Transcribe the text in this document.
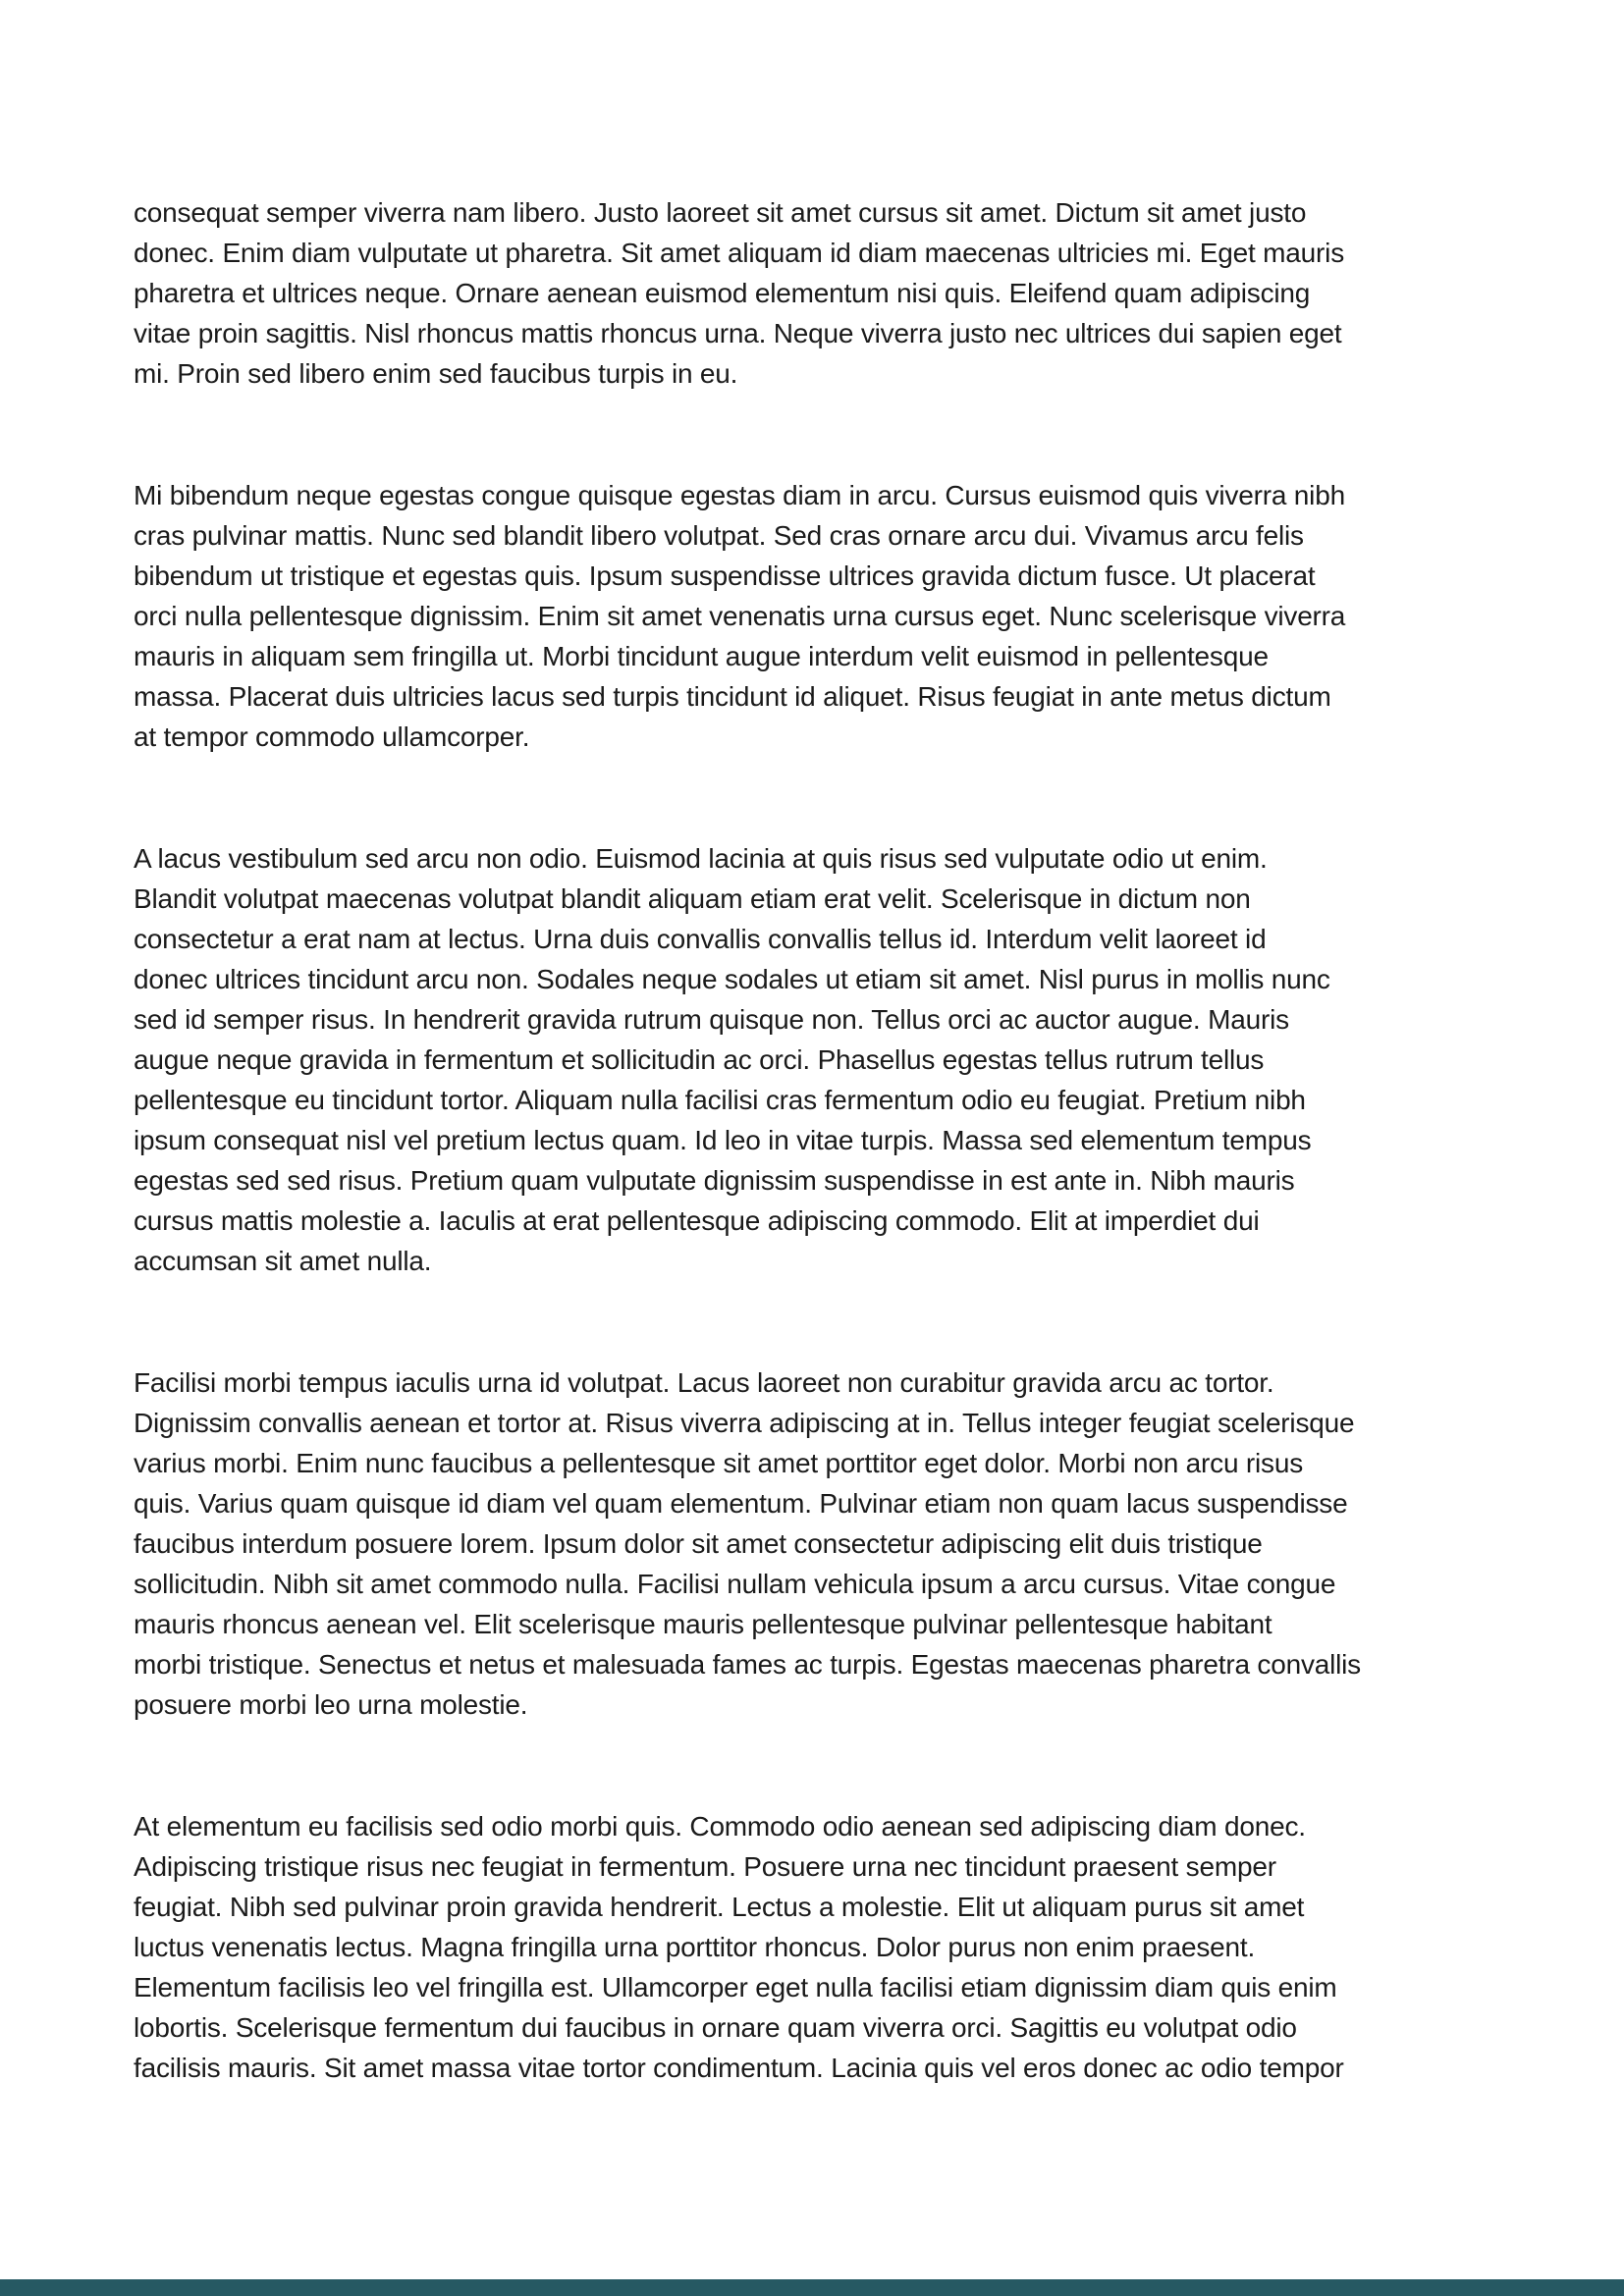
consequat semper viverra nam libero. Justo laoreet sit amet cursus sit amet. Dictum sit amet justo
donec. Enim diam vulputate ut pharetra. Sit amet aliquam id diam maecenas ultricies mi. Eget mauris
pharetra et ultrices neque. Ornare aenean euismod elementum nisi quis. Eleifend quam adipiscing
vitae proin sagittis. Nisl rhoncus mattis rhoncus urna. Neque viverra justo nec ultrices dui sapien eget
mi. Proin sed libero enim sed faucibus turpis in eu.
Mi bibendum neque egestas congue quisque egestas diam in arcu. Cursus euismod quis viverra nibh
cras pulvinar mattis. Nunc sed blandit libero volutpat. Sed cras ornare arcu dui. Vivamus arcu felis
bibendum ut tristique et egestas quis. Ipsum suspendisse ultrices gravida dictum fusce. Ut placerat
orci nulla pellentesque dignissim. Enim sit amet venenatis urna cursus eget. Nunc scelerisque viverra
mauris in aliquam sem fringilla ut. Morbi tincidunt augue interdum velit euismod in pellentesque
massa. Placerat duis ultricies lacus sed turpis tincidunt id aliquet. Risus feugiat in ante metus dictum
at tempor commodo ullamcorper.
A lacus vestibulum sed arcu non odio. Euismod lacinia at quis risus sed vulputate odio ut enim.
Blandit volutpat maecenas volutpat blandit aliquam etiam erat velit. Scelerisque in dictum non
consectetur a erat nam at lectus. Urna duis convallis convallis tellus id. Interdum velit laoreet id
donec ultrices tincidunt arcu non. Sodales neque sodales ut etiam sit amet. Nisl purus in mollis nunc
sed id semper risus. In hendrerit gravida rutrum quisque non. Tellus orci ac auctor augue. Mauris
augue neque gravida in fermentum et sollicitudin ac orci. Phasellus egestas tellus rutrum tellus
pellentesque eu tincidunt tortor. Aliquam nulla facilisi cras fermentum odio eu feugiat. Pretium nibh
ipsum consequat nisl vel pretium lectus quam. Id leo in vitae turpis. Massa sed elementum tempus
egestas sed sed risus. Pretium quam vulputate dignissim suspendisse in est ante in. Nibh mauris
cursus mattis molestie a. Iaculis at erat pellentesque adipiscing commodo. Elit at imperdiet dui
accumsan sit amet nulla.
Facilisi morbi tempus iaculis urna id volutpat. Lacus laoreet non curabitur gravida arcu ac tortor.
Dignissim convallis aenean et tortor at. Risus viverra adipiscing at in. Tellus integer feugiat scelerisque
varius morbi. Enim nunc faucibus a pellentesque sit amet porttitor eget dolor. Morbi non arcu risus
quis. Varius quam quisque id diam vel quam elementum. Pulvinar etiam non quam lacus suspendisse
faucibus interdum posuere lorem. Ipsum dolor sit amet consectetur adipiscing elit duis tristique
sollicitudin. Nibh sit amet commodo nulla. Facilisi nullam vehicula ipsum a arcu cursus. Vitae congue
mauris rhoncus aenean vel. Elit scelerisque mauris pellentesque pulvinar pellentesque habitant
morbi tristique. Senectus et netus et malesuada fames ac turpis. Egestas maecenas pharetra convallis
posuere morbi leo urna molestie.
At elementum eu facilisis sed odio morbi quis. Commodo odio aenean sed adipiscing diam donec.
Adipiscing tristique risus nec feugiat in fermentum. Posuere urna nec tincidunt praesent semper
feugiat. Nibh sed pulvinar proin gravida hendrerit. Lectus a molestie. Elit ut aliquam purus sit amet
luctus venenatis lectus. Magna fringilla urna porttitor rhoncus. Dolor purus non enim praesent.
Elementum facilisis leo vel fringilla est. Ullamcorper eget nulla facilisi etiam dignissim diam quis enim
lobortis. Scelerisque fermentum dui faucibus in ornare quam viverra orci. Sagittis eu volutpat odio
facilisis mauris. Sit amet massa vitae tortor condimentum. Lacinia quis vel eros donec ac odio tempor
